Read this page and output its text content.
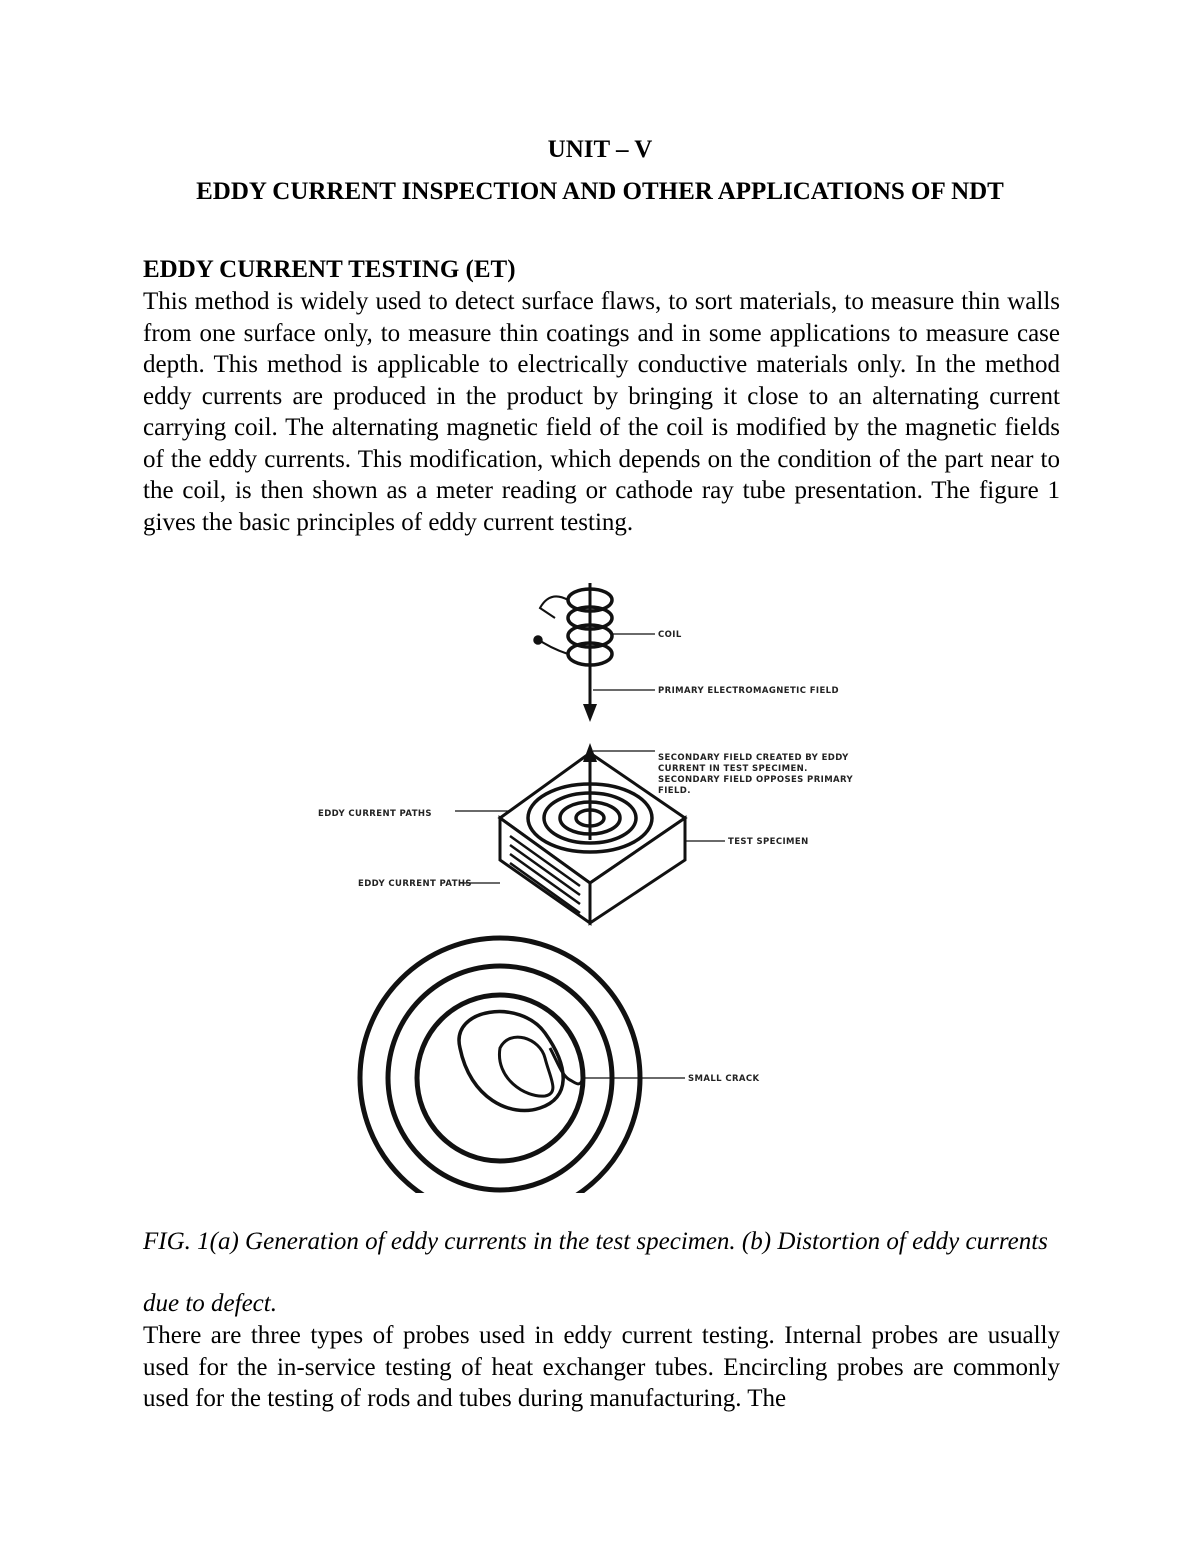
UNIT – V
EDDY CURRENT INSPECTION AND OTHER APPLICATIONS OF NDT
EDDY CURRENT TESTING (ET)

This method is widely used to detect surface flaws, to sort materials, to measure thin walls from one surface only, to measure thin coatings and in some applications to measure case depth. This method is applicable to electrically conductive materials only. In the method eddy currents are produced in the product by bringing it close to an alternating current carrying coil. The alternating magnetic field of the coil is modified by the magnetic fields of the eddy currents. This modification, which depends on the condition of the part near to the coil, is then shown as a meter reading or cathode ray tube presentation. The figure 1 gives the basic principles of eddy current testing.

COIL
PRIMARY ELECTROMAGNETIC FIELD
SECONDARY FIELD CREATED BY EDDY
CURRENT IN TEST SPECIMEN.
SECONDARY FIELD OPPOSES PRIMARY
FIELD.
EDDY CURRENT PATHS
EDDY CURRENT PATHS
TEST SPECIMEN
SMALL CRACK

FIG. 1(a) Generation of eddy currents in the test specimen. (b) Distortion of eddy currents

due to defect.

There are three types of probes used in eddy current testing. Internal probes are usually used for the in-service testing of heat exchanger tubes. Encircling probes are commonly used for the testing of rods and tubes during manufacturing. The
